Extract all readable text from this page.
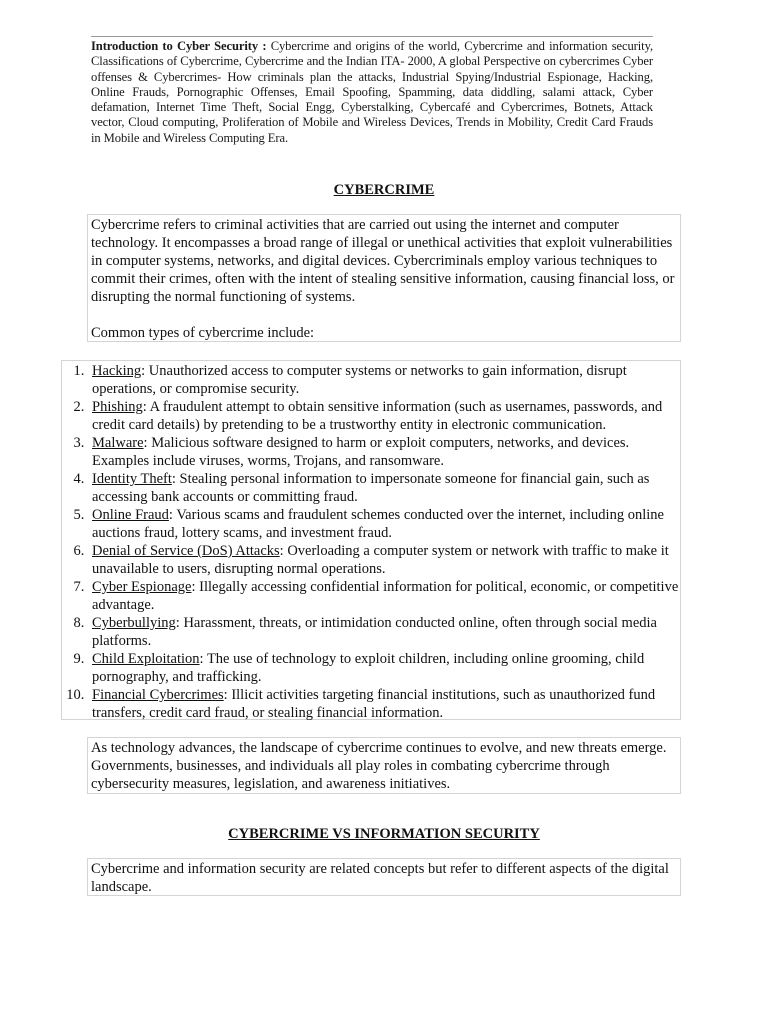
Introduction to Cyber Security : Cybercrime and origins of the world, Cybercrime and information security, Classifications of Cybercrime, Cybercrime and the Indian ITA- 2000, A global Perspective on cybercrimes Cyber offenses & Cybercrimes- How criminals plan the attacks, Industrial Spying/Industrial Espionage, Hacking, Online Frauds, Pornographic Offenses, Email Spoofing, Spamming, data diddling, salami attack, Cyber defamation, Internet Time Theft, Social Engg, Cyberstalking, Cybercafé and Cybercrimes, Botnets, Attack vector, Cloud computing, Proliferation of Mobile and Wireless Devices, Trends in Mobility, Credit Card Frauds in Mobile and Wireless Computing Era.
CYBERCRIME

Cybercrime refers to criminal activities that are carried out using the internet and computer technology. It encompasses a broad range of illegal or unethical activities that exploit vulnerabilities in computer systems, networks, and digital devices. Cybercriminals employ various techniques to commit their crimes, often with the intent of stealing sensitive information, causing financial loss, or disrupting the normal functioning of systems.

Common types of cybercrime include:

1. Hacking: Unauthorized access to computer systems or networks to gain information, disrupt operations, or compromise security.
2. Phishing: A fraudulent attempt to obtain sensitive information (such as usernames, passwords, and credit card details) by pretending to be a trustworthy entity in electronic communication.
3. Malware: Malicious software designed to harm or exploit computers, networks, and devices. Examples include viruses, worms, Trojans, and ransomware.
4. Identity Theft: Stealing personal information to impersonate someone for financial gain, such as accessing bank accounts or committing fraud.
5. Online Fraud: Various scams and fraudulent schemes conducted over the internet, including online auctions fraud, lottery scams, and investment fraud.
6. Denial of Service (DoS) Attacks: Overloading a computer system or network with traffic to make it unavailable to users, disrupting normal operations.
7. Cyber Espionage: Illegally accessing confidential information for political, economic, or competitive advantage.
8. Cyberbullying: Harassment, threats, or intimidation conducted online, often through social media platforms.
9. Child Exploitation: The use of technology to exploit children, including online grooming, child pornography, and trafficking.
10. Financial Cybercrimes: Illicit activities targeting financial institutions, such as unauthorized fund transfers, credit card fraud, or stealing financial information.

As technology advances, the landscape of cybercrime continues to evolve, and new threats emerge. Governments, businesses, and individuals all play roles in combating cybercrime through cybersecurity measures, legislation, and awareness initiatives.

CYBERCRIME VS INFORMATION SECURITY

Cybercrime and information security are related concepts but refer to different aspects of the digital landscape.
